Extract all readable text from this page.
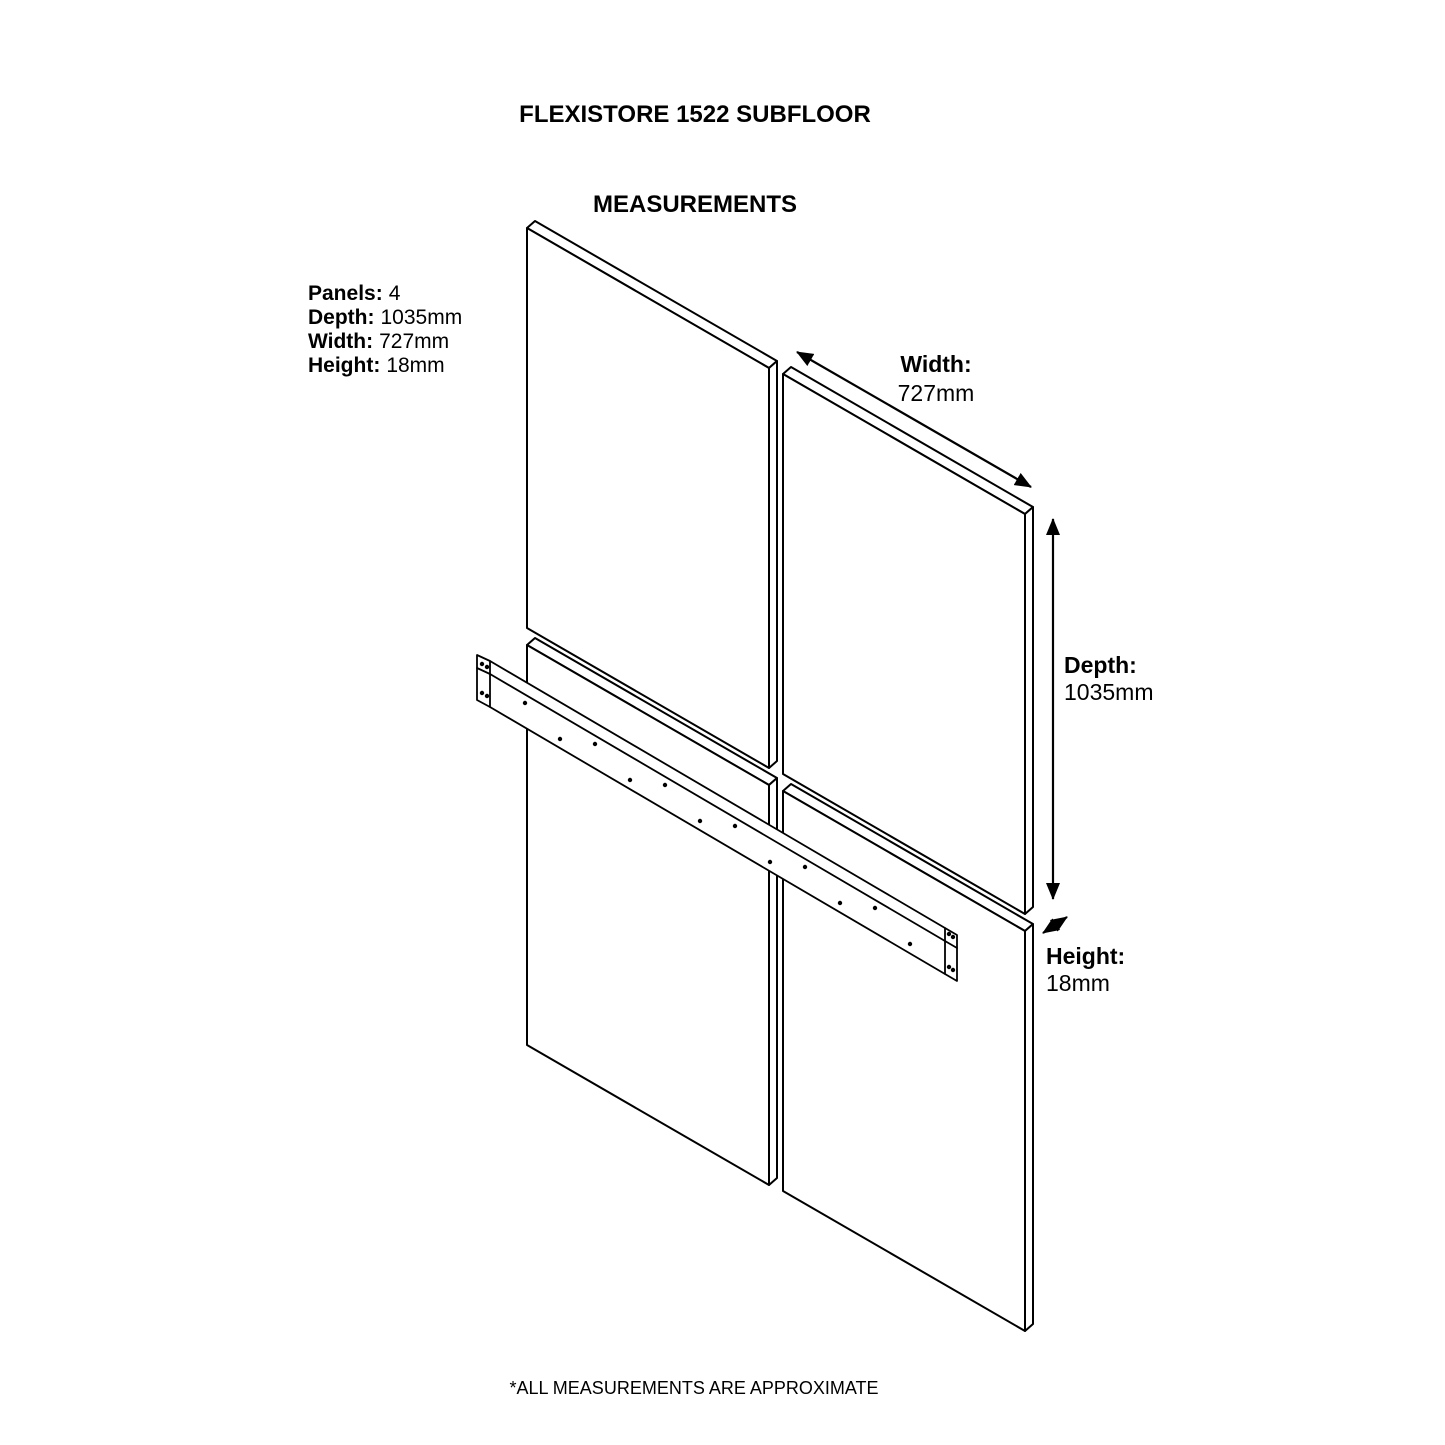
FLEXISTORE 1522 SUBFLOOR

MEASUREMENTS

Panels: 4
Depth: 1035mm
Width: 727mm
Height: 18mm	Width:
727mm
Depth:
1035mm
Height:
18mm
*ALL MEASUREMENTS ARE APPROXIMATE
